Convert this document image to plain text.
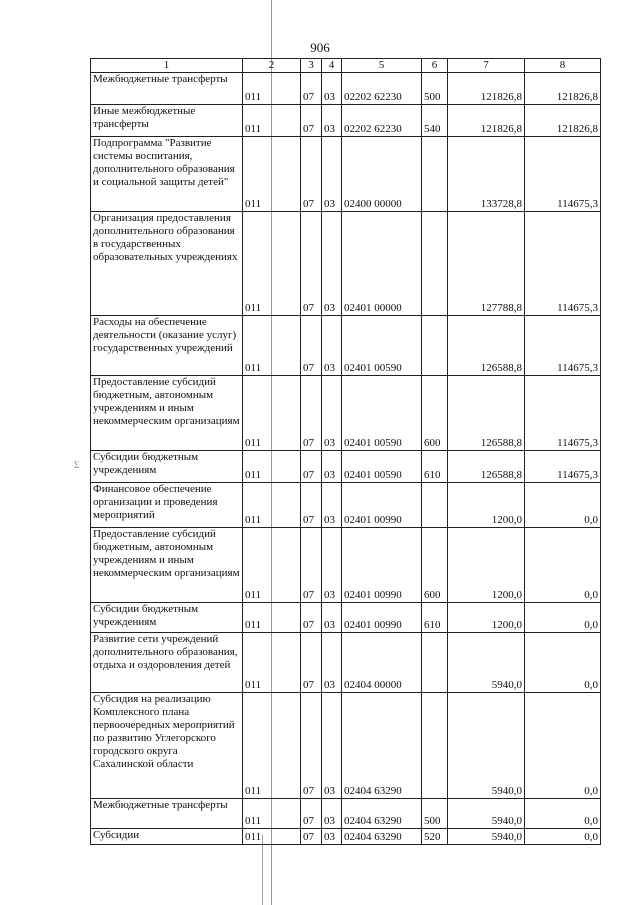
Σ
906
1	2	3	4	5	6	7	8
Межбюджетные трансферты	011	07	03	02202 62230	500	121826,8	121826,8
Иные межбюджетные трансферты	011	07	03	02202 62230	540	121826,8	121826,8
Подпрограмма "Развитие системы воспитания, дополнительного образования и социальной защиты детей"	011	07	03	02400 00000		133728,8	114675,3
Организация предоставления дополнительного образования в государственных образовательных учреждениях	011	07	03	02401 00000		127788,8	114675,3
Расходы на обеспечение деятельности (оказание услуг) государственных учреждений	011	07	03	02401 00590		126588,8	114675,3
Предоставление субсидий бюджетным, автономным учреждениям и иным некоммерческим организациям	011	07	03	02401 00590	600	126588,8	114675,3
Субсидии бюджетным учреждениям	011	07	03	02401 00590	610	126588,8	114675,3
Финансовое обеспечение организации и проведения мероприятий	011	07	03	02401 00990		1200,0	0,0
Предоставление субсидий бюджетным, автономным учреждениям и иным некоммерческим организациям	011	07	03	02401 00990	600	1200,0	0,0
Субсидии бюджетным учреждениям	011	07	03	02401 00990	610	1200,0	0,0
Развитие сети учреждений дополнительного образования, отдыха и оздоровления детей	011	07	03	02404 00000		5940,0	0,0
Субсидия на реализацию Комплексного плана первоочередных мероприятий по развитию Углегорского городского округа Сахалинской области	011	07	03	02404 63290		5940,0	0,0
Межбюджетные трансферты	011	07	03	02404 63290	500	5940,0	0,0
Субсидии	011	07	03	02404 63290	520	5940,0	0,0
